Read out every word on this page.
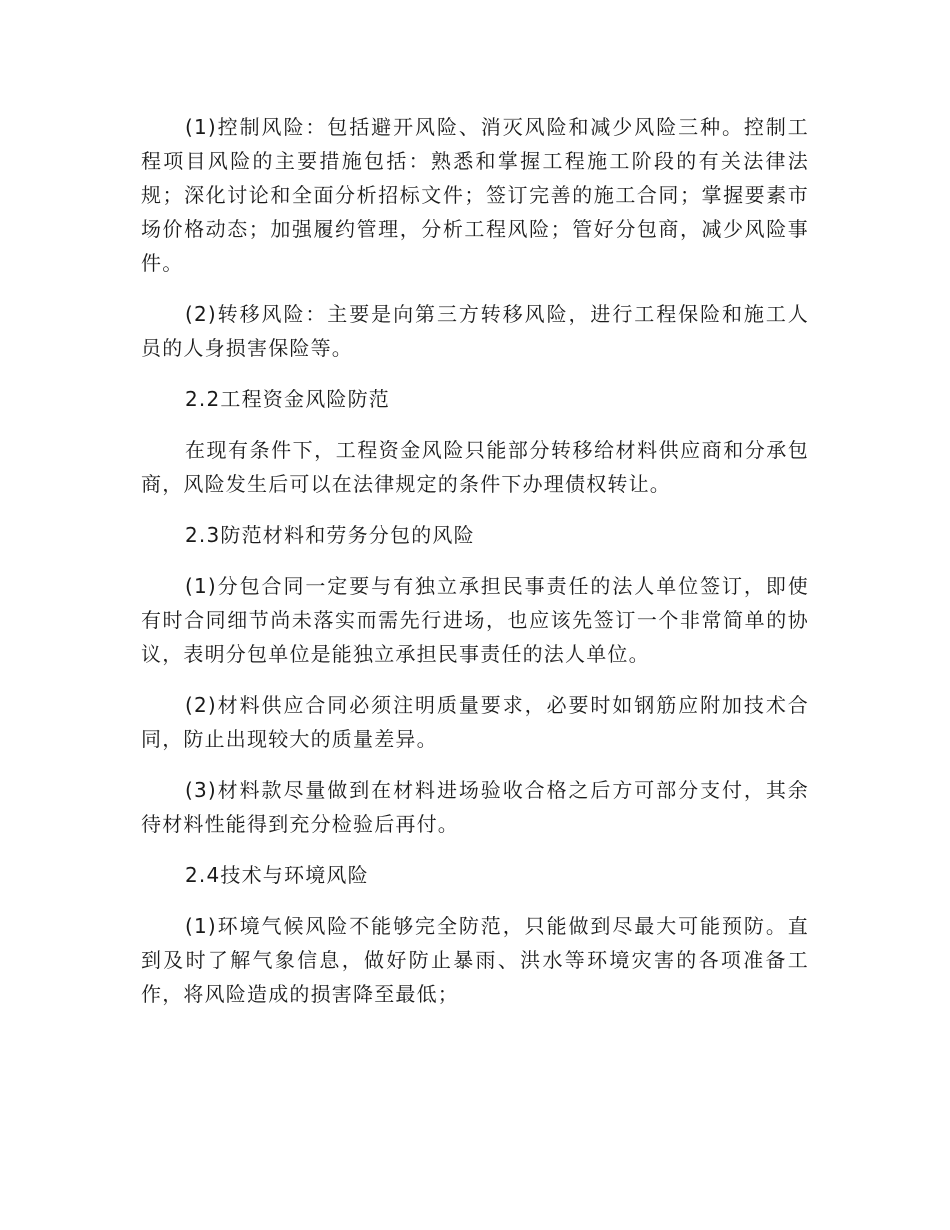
(1)控制风险：包括避开风险、消灭风险和减少风险三种。控制工程项目风险的主要措施包括：熟悉和掌握工程施工阶段的有关法律法规；深化讨论和全面分析招标文件；签订完善的施工合同；掌握要素市场价格动态；加强履约管理，分析工程风险；管好分包商，减少风险事件。

(2)转移风险：主要是向第三方转移风险，进行工程保险和施工人员的人身损害保险等。

2.2工程资金风险防范

在现有条件下，工程资金风险只能部分转移给材料供应商和分承包商，风险发生后可以在法律规定的条件下办理债权转让。

2.3防范材料和劳务分包的风险

(1)分包合同一定要与有独立承担民事责任的法人单位签订，即使有时合同细节尚未落实而需先行进场，也应该先签订一个非常简单的协议，表明分包单位是能独立承担民事责任的法人单位。

(2)材料供应合同必须注明质量要求，必要时如钢筋应附加技术合同，防止出现较大的质量差异。

(3)材料款尽量做到在材料进场验收合格之后方可部分支付，其余待材料性能得到充分检验后再付。

2.4技术与环境风险

(1)环境气候风险不能够完全防范，只能做到尽最大可能预防。直到及时了解气象信息，做好防止暴雨、洪水等环境灾害的各项准备工作，将风险造成的损害降至最低；
